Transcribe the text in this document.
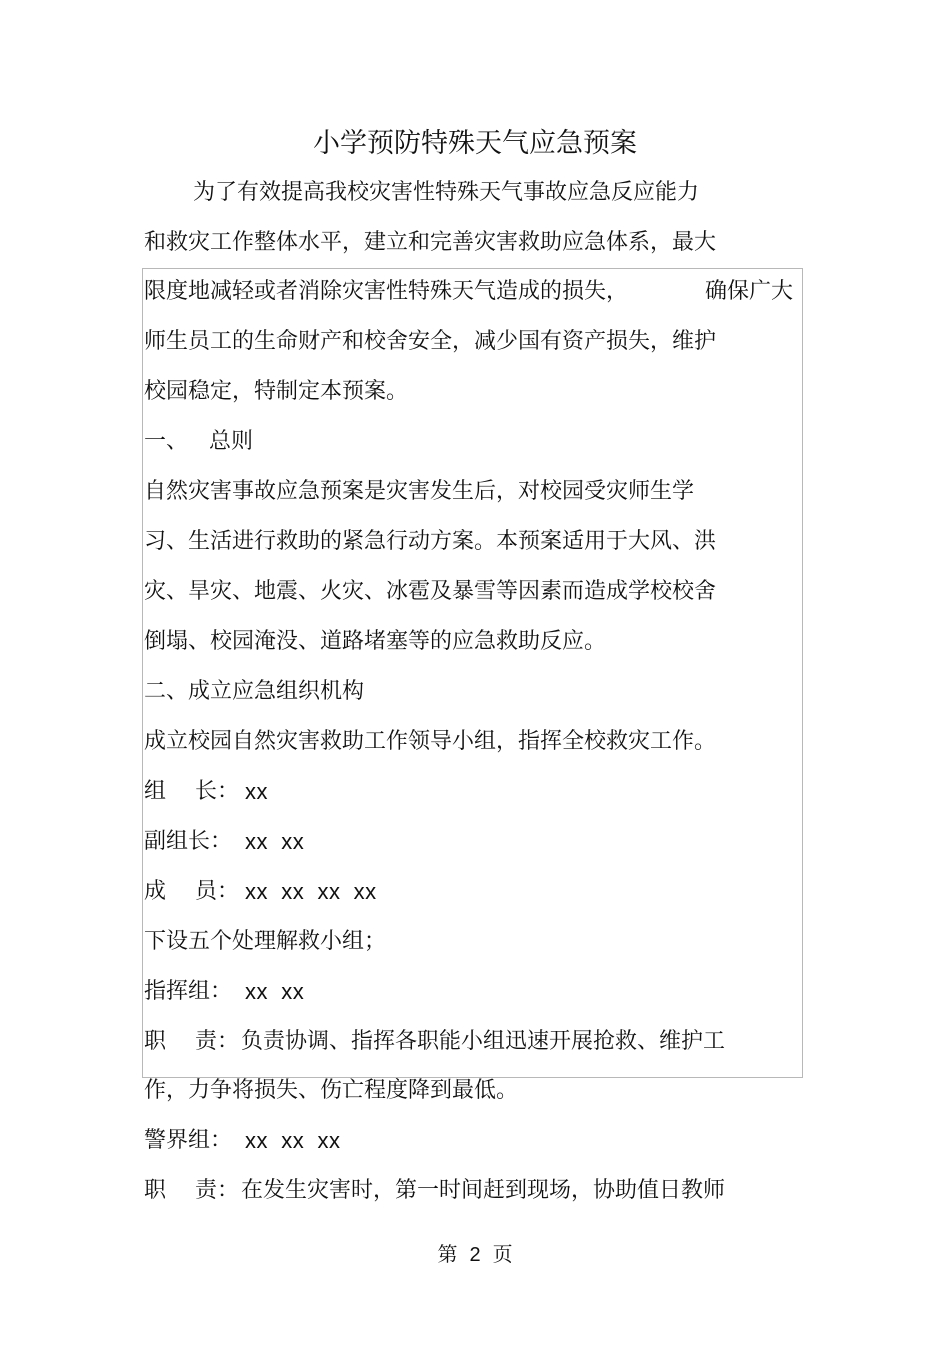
小学预防特殊天气应急预案
为了有效提高我校灾害性特殊天气事故应急反应能力
和救灾工作整体水平，建立和完善灾害救助应急体系，最大
限度地减轻或者消除灾害性特殊天气造成的损失，	确保广大
师生员工的生命财产和校舍安全，减少国有资产损失，维护
校园稳定，特制定本预案。
一、 总则
自然灾害事故应急预案是灾害发生后，对校园受灾师生学
习、生活进行救助的紧急行动方案。本预案适用于大风、洪
灾、旱灾、地震、火灾、冰雹及暴雪等因素而造成学校校舍
倒塌、校园淹没、道路堵塞等的应急救助反应。
二、成立应急组织机构
成立校园自然灾害救助工作领导小组，指挥全校救灾工作。
组 长： xx
副组长： xx  xx
成 员： xx  xx  xx  xx
下设五个处理解救小组；
指挥组： xx  xx
职 责： 负责协调、指挥各职能小组迅速开展抢救、维护工
作，力争将损失、伤亡程度降到最低。
警界组： xx  xx  xx
职 责： 在发生灾害时，第一时间赶到现场，协助值日教师
第 2 页
